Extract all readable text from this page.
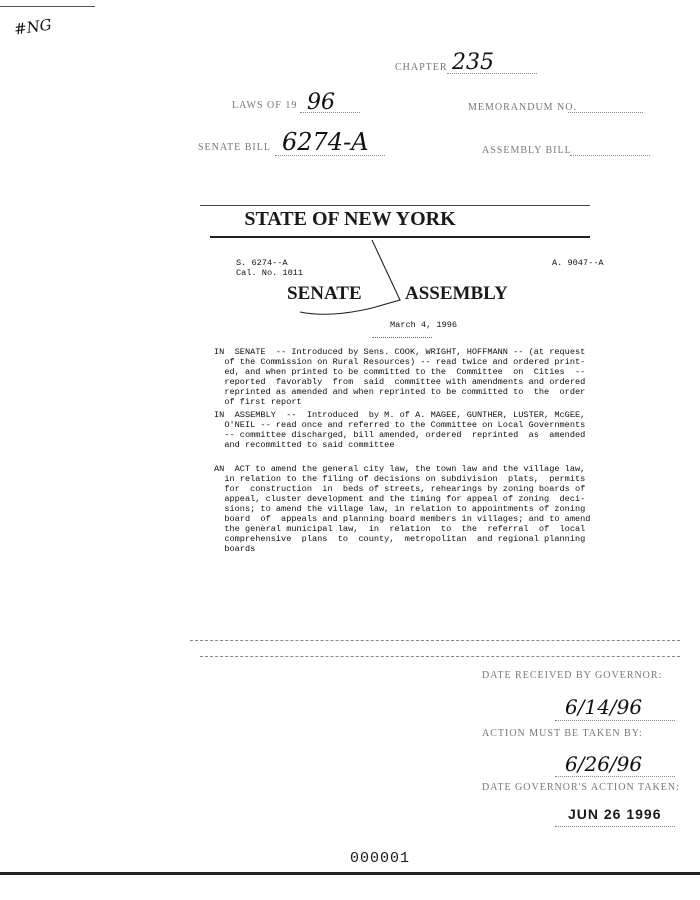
#NG
CHAPTER 235
LAWS OF 19 96	MEMORANDUM NO.
SENATE BILL 6274-A	ASSEMBLY BILL
STATE OF NEW YORK
S. 6274--A
Cal. No. 1011
A. 9047--A
SENATE ASSEMBLY
March 4, 1996
IN  SENATE  -- Introduced by Sens. COOK, WRIGHT, HOFFMANN -- (at request
of the Commission on Rural Resources) -- read twice and ordered print-
ed, and when printed to be committed to the  Committee  on  Cities  --
reported  favorably  from  said  committee with amendments and ordered
reprinted as amended and when reprinted to be committed to  the  order
of first report
IN  ASSEMBLY  --  Introduced  by M. of A. MAGEE, GUNTHER, LUSTER, McGEE,
O'NEIL -- read once and referred to the Committee on Local Governments
-- committee discharged, bill amended, ordered  reprinted  as  amended
and recommitted to said committee
AN  ACT to amend the general city law, the town law and the village law,
in relation to the filing of decisions on subdivision  plats,  permits
for  construction  in  beds of streets, rehearings by zoning boards of
appeal, cluster development and the timing for appeal of zoning  deci-
sions; to amend the village law, in relation to appointments of zoning
board  of  appeals and planning board members in villages; and to amend
the general municipal law,  in  relation  to  the  referral  of  local
comprehensive  plans  to  county,  metropolitan  and regional planning
boards
DATE RECEIVED BY GOVERNOR:
6/14/96
ACTION MUST BE TAKEN BY:
6/26/96
DATE GOVERNOR'S ACTION TAKEN:
JUN 26 1996
000001
